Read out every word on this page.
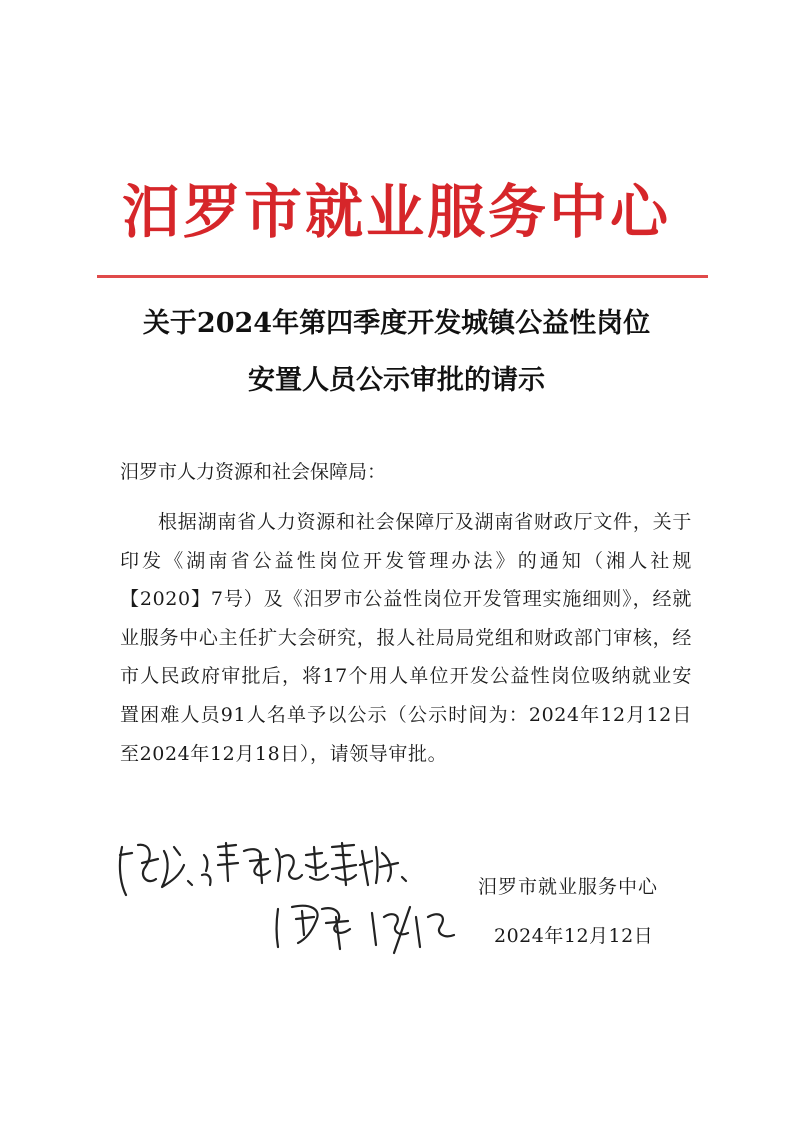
汨罗市就业服务中心
关于2024年第四季度开发城镇公益性岗位
安置人员公示审批的请示
汨罗市人力资源和社会保障局：

根据湖南省人力资源和社会保障厅及湖南省财政厅文件，关于印发《湖南省公益性岗位开发管理办法》的通知（湘人社规【2020】7号）及《汨罗市公益性岗位开发管理实施细则》，经就业服务中心主任扩大会研究，报人社局局党组和财政部门审核，经市人民政府审批后，将17个用人单位开发公益性岗位吸纳就业安置困难人员91人名单予以公示（公示时间为：2024年12月12日至2024年12月18日），请领导审批。

汨罗市就业服务中心
2024年12月12日
